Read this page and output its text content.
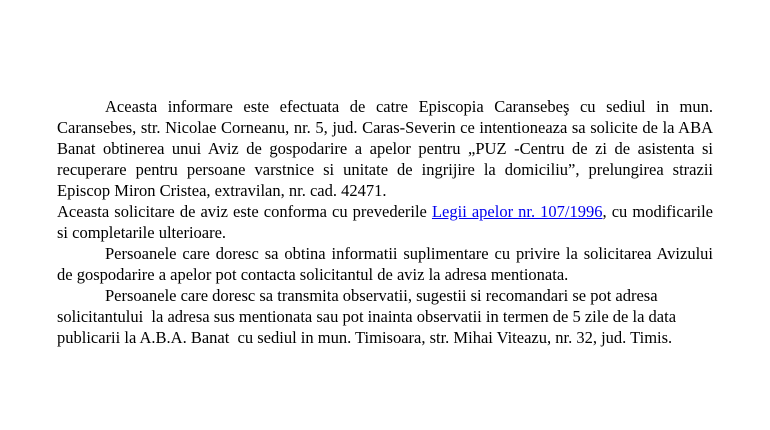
Aceasta informare este efectuata de catre Episcopia Caransebeş cu sediul in mun. Caransebes, str. Nicolae Corneanu, nr. 5, jud. Caras-Severin ce intentioneaza sa solicite de la ABA Banat obtinerea unui Aviz de gospodarire a apelor pentru „PUZ -Centru de zi de asistenta si recuperare pentru persoane varstnice si unitate de ingrijire la domiciliu”, prelungirea strazii Episcop Miron Cristea, extravilan, nr. cad. 42471.

Aceasta solicitare de aviz este conforma cu prevederile Legii apelor nr. 107/1996, cu modificarile si completarile ulterioare.

Persoanele care doresc sa obtina informatii suplimentare cu privire la solicitarea Avizului de gospodarire a apelor pot contacta solicitantul de aviz la adresa mentionata.

Persoanele care doresc sa transmita observatii, sugestii si recomandari se pot adresa solicitantului  la adresa sus mentionata sau pot inainta observatii in termen de 5 zile de la data publicarii la A.B.A. Banat  cu sediul in mun. Timisoara, str. Mihai Viteazu, nr. 32, jud. Timis.
